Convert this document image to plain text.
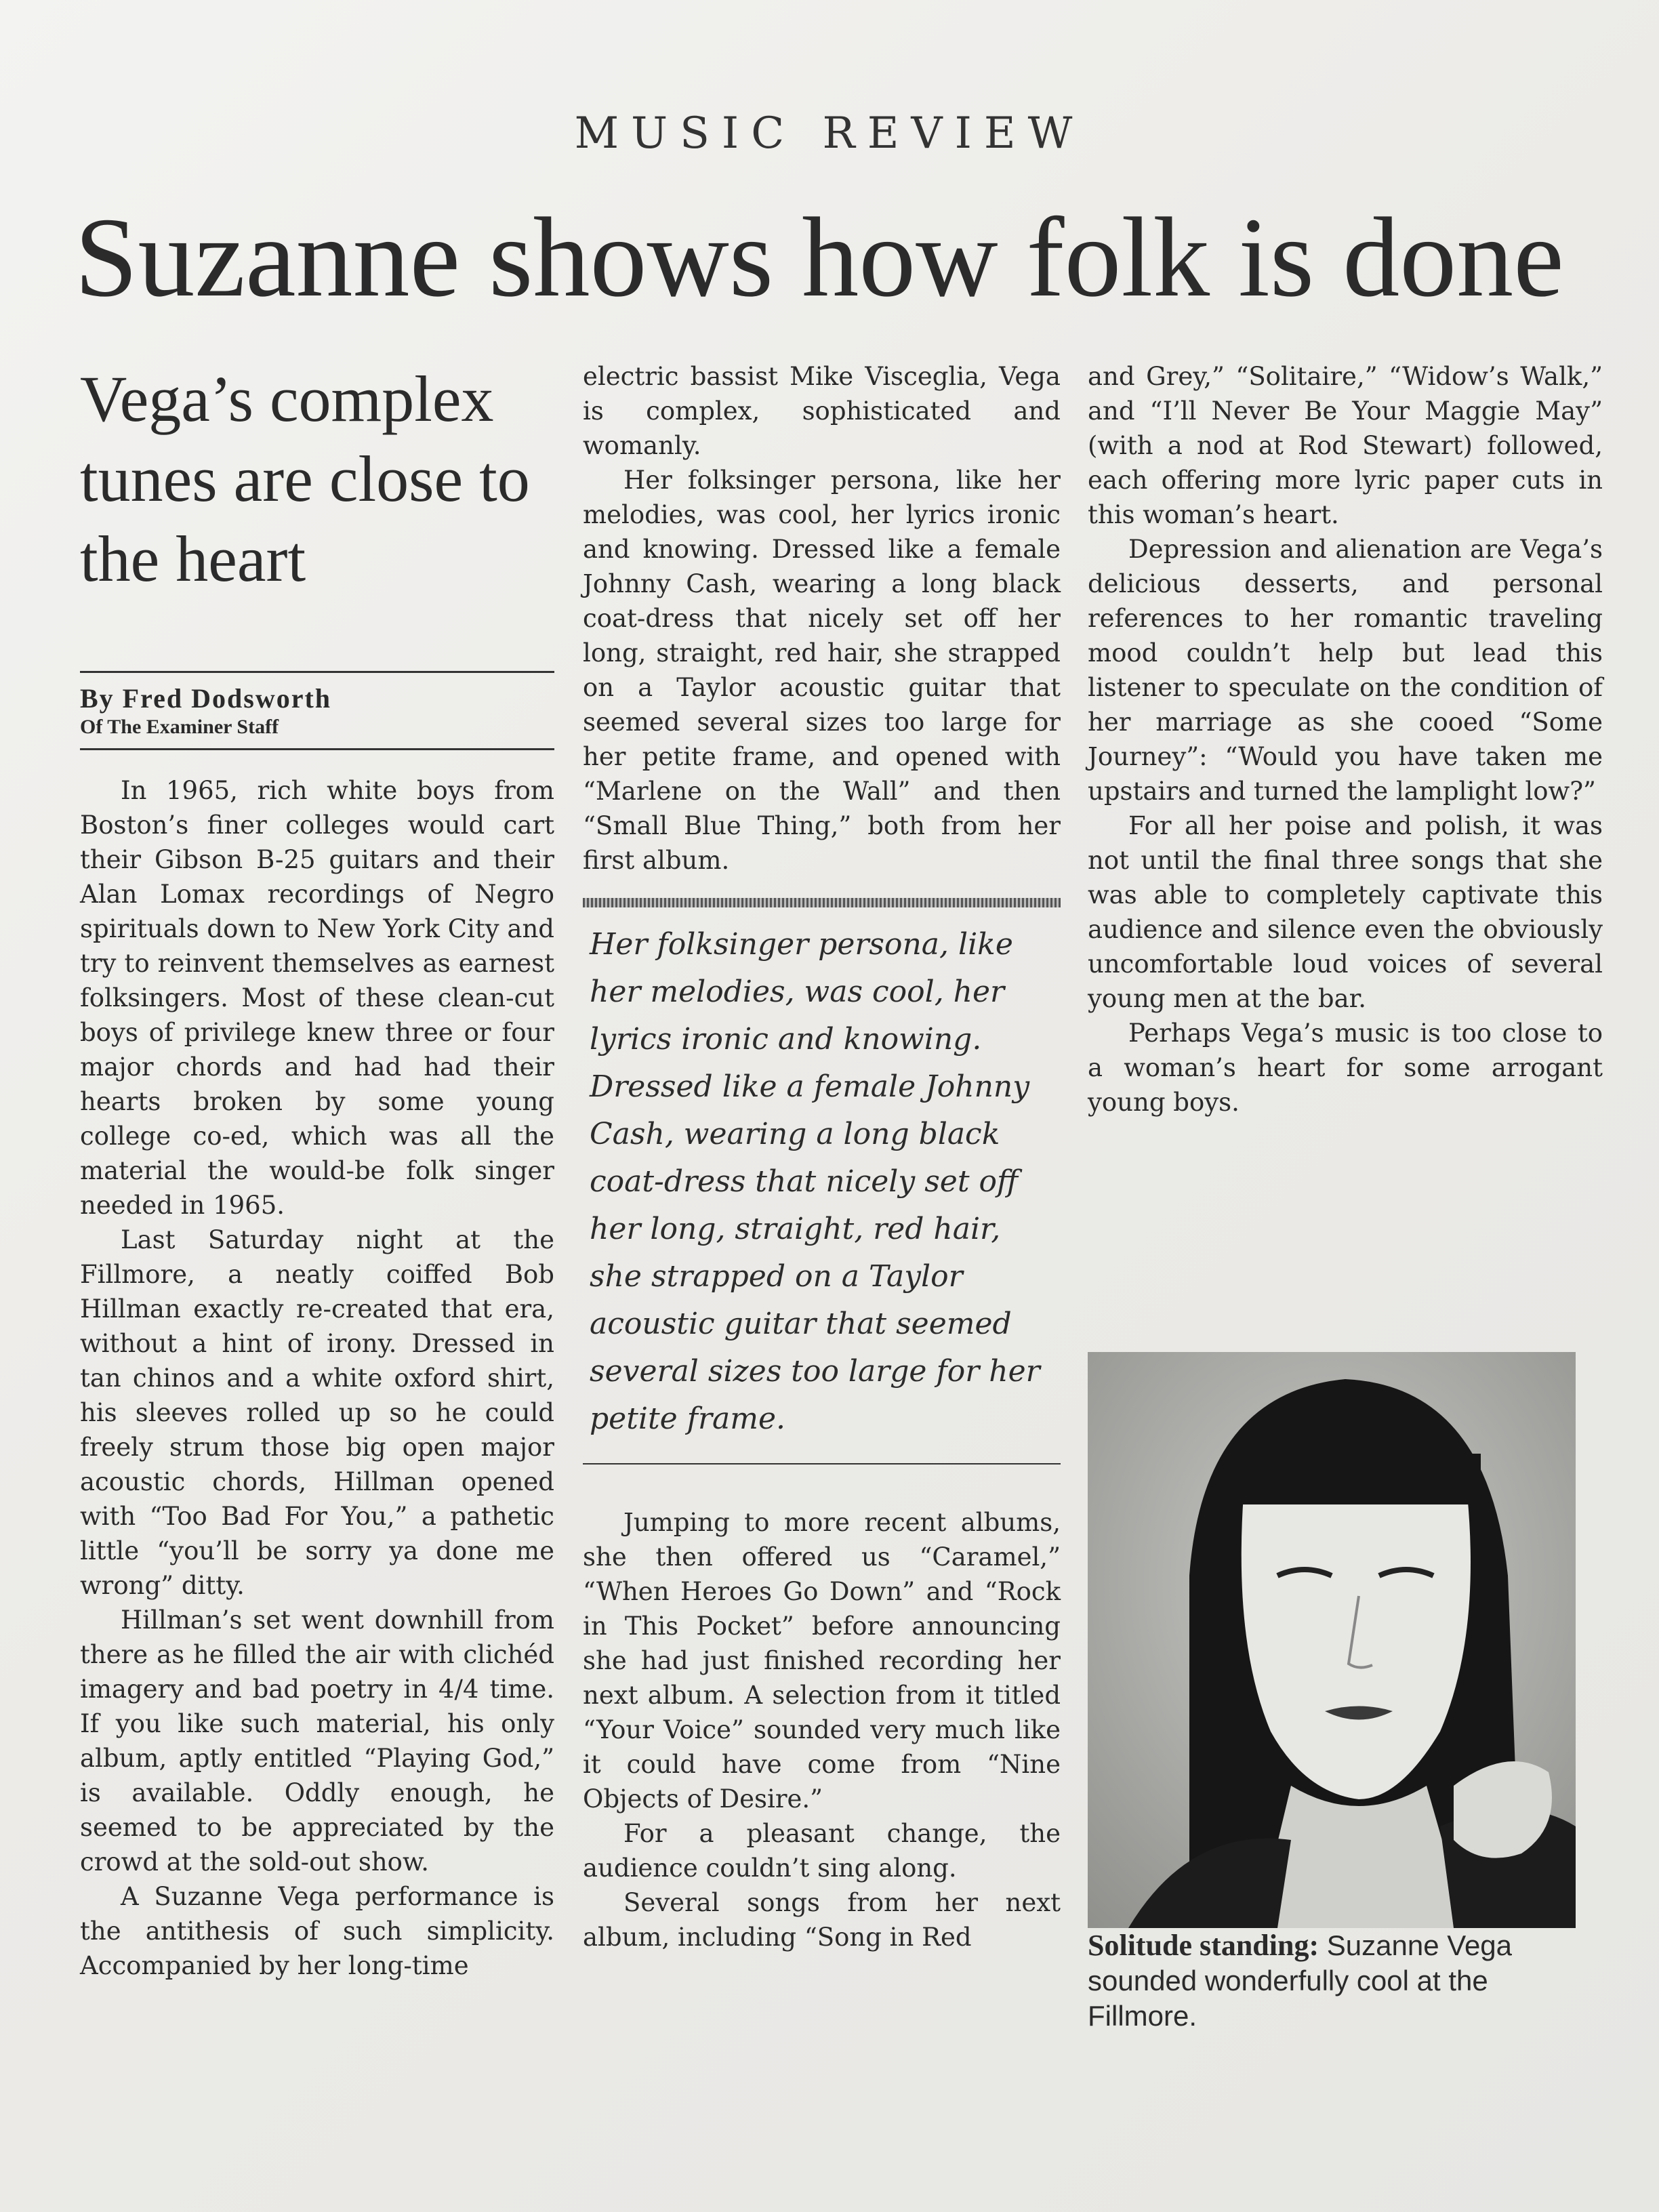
MUSIC REVIEW
Suzanne shows how folk is done
Vega’s complex tunes are close to the heart
By Fred Dodsworth
Of The Examiner Staff

In 1965, rich white boys from Boston’s finer colleges would cart their Gibson B-25 guitars and their Alan Lomax recordings of Negro spirituals down to New York City and try to reinvent themselves as earnest folksingers. Most of these clean-cut boys of privilege knew three or four major chords and had had their hearts broken by some young college co-ed, which was all the material the would-be folk singer needed in 1965.

Last Saturday night at the Fillmore, a neatly coiffed Bob Hillman exactly re-created that era, without a hint of irony. Dressed in tan chinos and a white oxford shirt, his sleeves rolled up so he could freely strum those big open major acoustic chords, Hillman opened with “Too Bad For You,” a pathetic little “you’ll be sorry ya done me wrong” ditty.

Hillman’s set went downhill from there as he filled the air with clichéd imagery and bad poetry in 4/4 time. If you like such material, his only album, aptly entitled “Playing God,” is available. Oddly enough, he seemed to be appreciated by the crowd at the sold-out show.

A Suzanne Vega performance is the antithesis of such simplicity. Accompanied by her long-time

electric bassist Mike Visceglia, Vega is complex, sophisticated and womanly.

Her folksinger persona, like her melodies, was cool, her lyrics ironic and knowing. Dressed like a female Johnny Cash, wearing a long black coat-dress that nicely set off her long, straight, red hair, she strapped on a Taylor acoustic guitar that seemed several sizes too large for her petite frame, and opened with “Marlene on the Wall” and then “Small Blue Thing,” both from her first album.

Her folksinger persona, like her melodies, was cool, her lyrics ironic and knowing. Dressed like a female Johnny Cash, wearing a long black coat-dress that nicely set off her long, straight, red hair, she strapped on a Taylor acoustic guitar that seemed several sizes too large for her petite frame.

Jumping to more recent albums, she then offered us “Caramel,” “When Heroes Go Down” and “Rock in This Pocket” before announcing she had just finished recording her next album. A selection from it titled “Your Voice” sounded very much like it could have come from “Nine Objects of Desire.”

For a pleasant change, the audience couldn’t sing along.

Several songs from her next album, including “Song in Red

and Grey,” “Solitaire,” “Widow’s Walk,” and “I’ll Never Be Your Maggie May” (with a nod at Rod Stewart) followed, each offering more lyric paper cuts in this woman’s heart.

Depression and alienation are Vega’s delicious desserts, and personal references to her romantic traveling mood couldn’t help but lead this listener to speculate on the condition of her marriage as she cooed “Some Journey”: “Would you have taken me upstairs and turned the lamplight low?”

For all her poise and polish, it was not until the final three songs that she was able to completely captivate this audience and silence even the obviously uncomfortable loud voices of several young men at the bar.

Perhaps Vega’s music is too close to a woman’s heart for some arrogant young boys.

Solitude standing: Suzanne Vega sounded wonderfully cool at the Fillmore.
